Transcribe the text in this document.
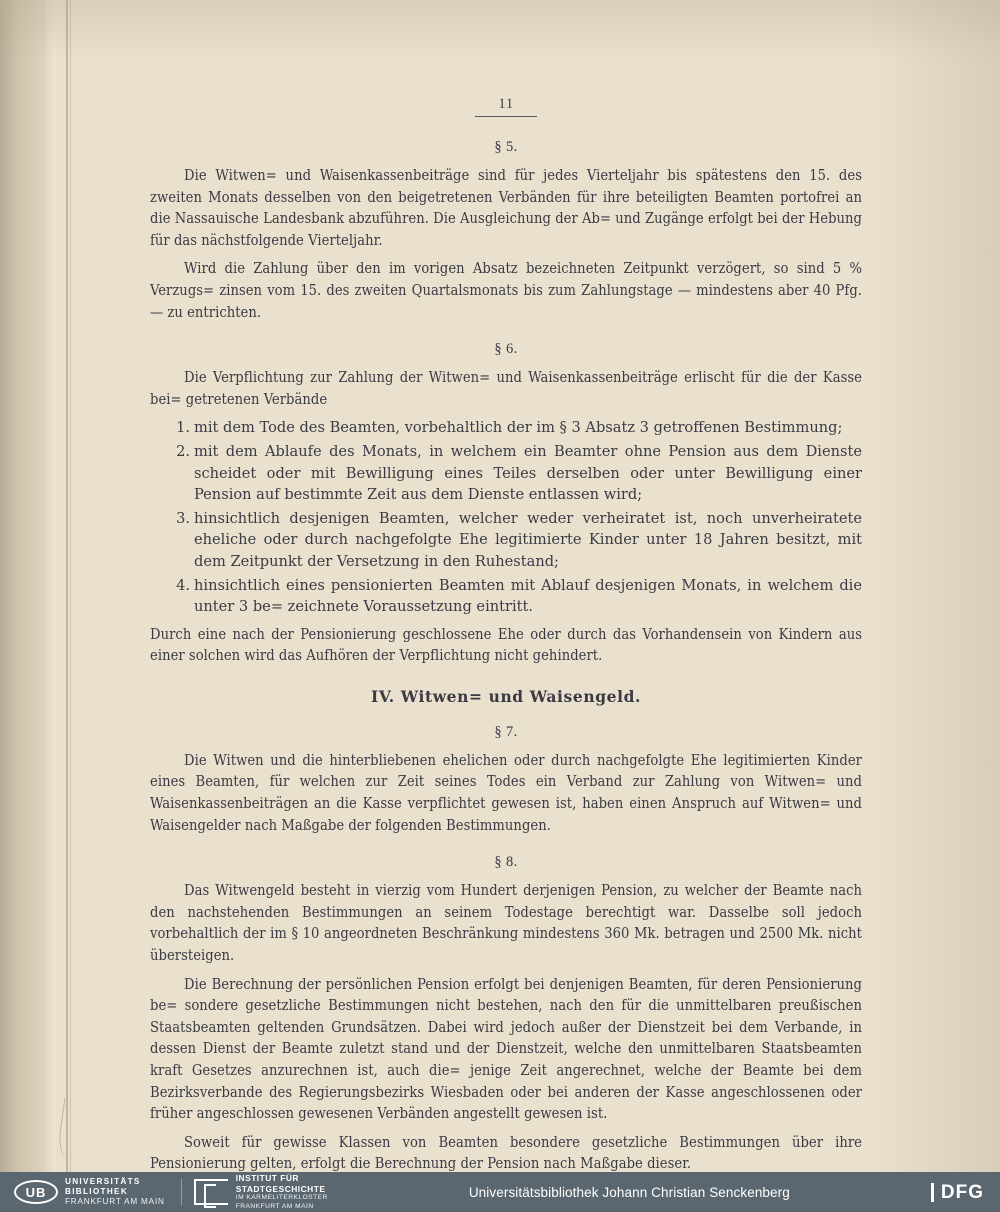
11
§ 5.

Die Witwen= und Waisenkassenbeiträge sind für jedes Vierteljahr bis spätestens den 15. des zweiten Monats desselben von den beigetretenen Verbänden für ihre beteiligten Beamten portofrei an die Nassauische Landesbank abzuführen. Die Ausgleichung der Ab= und Zugänge erfolgt bei der Hebung für das nächstfolgende Vierteljahr.

Wird die Zahlung über den im vorigen Absatz bezeichneten Zeitpunkt verzögert, so sind 5 % Verzugs= zinsen vom 15. des zweiten Quartalsmonats bis zum Zahlungstage — mindestens aber 40 Pfg. — zu entrichten.

§ 6.

Die Verpflichtung zur Zahlung der Witwen= und Waisenkassenbeiträge erlischt für die der Kasse bei= getretenen Verbände

mit dem Tode des Beamten, vorbehaltlich der im § 3 Absatz 3 getroffenen Bestimmung;
mit dem Ablaufe des Monats, in welchem ein Beamter ohne Pension aus dem Dienste scheidet oder mit Bewilligung eines Teiles derselben oder unter Bewilligung einer Pension auf bestimmte Zeit aus dem Dienste entlassen wird;
hinsichtlich desjenigen Beamten, welcher weder verheiratet ist, noch unverheiratete eheliche oder durch nachgefolgte Ehe legitimierte Kinder unter 18 Jahren besitzt, mit dem Zeitpunkt der Versetzung in den Ruhestand;
hinsichtlich eines pensionierten Beamten mit Ablauf desjenigen Monats, in welchem die unter 3 be= zeichnete Voraussetzung eintritt.

Durch eine nach der Pensionierung geschlossene Ehe oder durch das Vorhandensein von Kindern aus einer solchen wird das Aufhören der Verpflichtung nicht gehindert.

IV. Witwen= und Waisengeld.
§ 7.

Die Witwen und die hinterbliebenen ehelichen oder durch nachgefolgte Ehe legitimierten Kinder eines Beamten, für welchen zur Zeit seines Todes ein Verband zur Zahlung von Witwen= und Waisenkassenbeiträgen an die Kasse verpflichtet gewesen ist, haben einen Anspruch auf Witwen= und Waisengelder nach Maßgabe der folgenden Bestimmungen.

§ 8.

Das Witwengeld besteht in vierzig vom Hundert derjenigen Pension, zu welcher der Beamte nach den nachstehenden Bestimmungen an seinem Todestage berechtigt war. Dasselbe soll jedoch vorbehaltlich der im § 10 angeordneten Beschränkung mindestens 360 Mk. betragen und 2500 Mk. nicht übersteigen.

Die Berechnung der persönlichen Pension erfolgt bei denjenigen Beamten, für deren Pensionierung be= sondere gesetzliche Bestimmungen nicht bestehen, nach den für die unmittelbaren preußischen Staatsbeamten geltenden Grundsätzen. Dabei wird jedoch außer der Dienstzeit bei dem Verbande, in dessen Dienst der Beamte zuletzt stand und der Dienstzeit, welche den unmittelbaren Staatsbeamten kraft Gesetzes anzurechnen ist, auch die= jenige Zeit angerechnet, welche der Beamte bei dem Bezirksverbande des Regierungsbezirks Wiesbaden oder bei anderen der Kasse angeschlossenen oder früher angeschlossen gewesenen Verbänden angestellt gewesen ist.

Soweit für gewisse Klassen von Beamten besondere gesetzliche Bestimmungen über ihre Pensionierung gelten, erfolgt die Berechnung der Pension nach Maßgabe dieser.

UB
UNIVERSITÄTS
BIBLIOTHEK
FRANKFURT AM MAIN
INSTITUT FÜR
STADTGESCHICHTE
IM KARMELITERKLOSTER
FRANKFURT AM MAIN
Universitätsbibliothek Johann Christian Senckenberg	DFG
